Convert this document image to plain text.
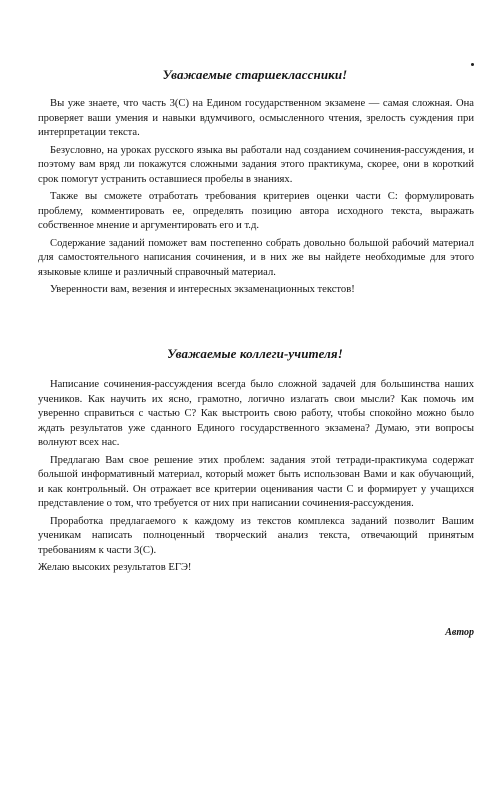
Уважаемые старшеклассники!

Вы уже знаете, что часть 3(С) на Едином государственном экзамене — самая сложная. Она проверяет ваши умения и навыки вдумчивого, осмысленного чтения, зрелость суждения при интерпретации текста.

Безусловно, на уроках русского языка вы работали над созданием сочинения-рассуждения, и поэтому вам вряд ли покажутся сложными задания этого практикума, скорее, они в короткий срок помогут устранить оставшиеся пробелы в знаниях.

Также вы сможете отработать требования критериев оценки части С: формулировать проблему, комментировать ее, определять позицию автора исходного текста, выражать собственное мнение и аргументировать его и т.д.

Содержание заданий поможет вам постепенно собрать довольно большой рабочий материал для самостоятельного написания сочинения, и в них же вы найдете необходимые для этого языковые клише и различный справочный материал.

Уверенности вам, везения и интересных экзаменационных текстов!

Уважаемые коллеги-учителя!

Написание сочинения-рассуждения всегда было сложной задачей для большинства наших учеников. Как научить их ясно, грамотно, логично излагать свои мысли? Как помочь им уверенно справиться с частью С? Как выстроить свою работу, чтобы спокойно можно было ждать результатов уже сданного Единого государственного экзамена? Думаю, эти вопросы волнуют всех нас.

Предлагаю Вам свое решение этих проблем: задания этой тетради-практикума содержат большой информативный материал, который может быть использован Вами и как обучающий, и как контрольный. Он отражает все критерии оценивания части С и формирует у учащихся представление о том, что требуется от них при написании сочинения-рассуждения.

Проработка предлагаемого к каждому из текстов комплекса заданий позволит Вашим ученикам написать полноценный творческий анализ текста, отвечающий принятым требованиям к части 3(С).

Желаю высоких результатов ЕГЭ!

Автор
